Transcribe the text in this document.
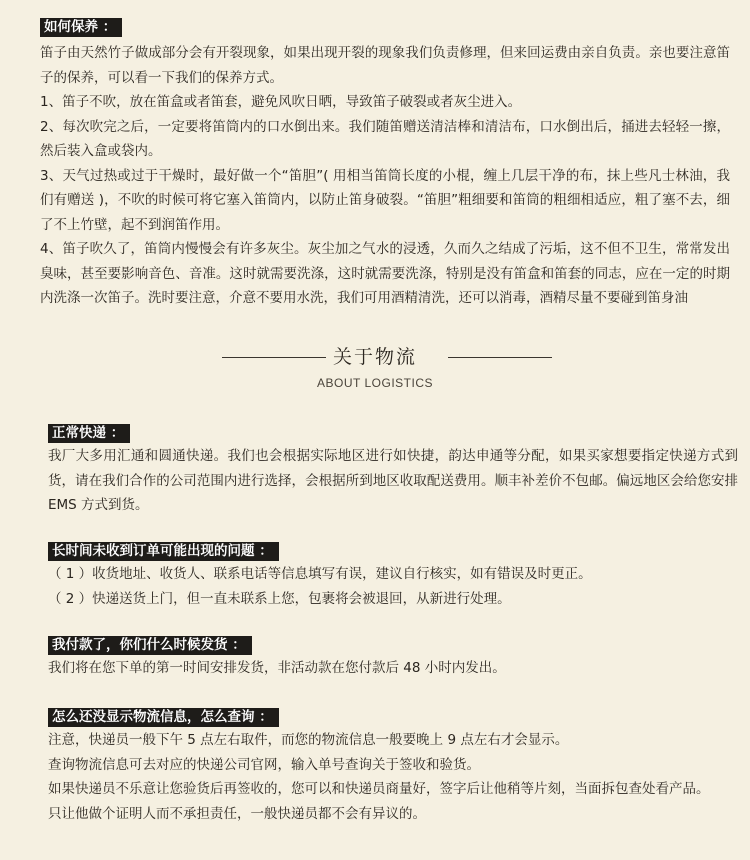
如何保养 ：

笛子由天然竹子做成部分会有开裂现象，如果出现开裂的现象我们负责修理，但来回运费由亲自负责。亲也要注意笛子的保养，可以看一下我们的保养方式。

1、笛子不吹，放在笛盒或者笛套，避免风吹日晒，导致笛子破裂或者灰尘进入。

2、每次吹完之后，一定要将笛筒内的口水倒出来。我们随笛赠送清洁棒和清洁布，口水倒出后，捅进去轻轻一擦，然后装入盒或袋内。

3、天气过热或过于干燥时，最好做一个“笛胆”( 用相当笛筒长度的小棍，缠上几层干净的布，抹上些凡士林油，我们有赠送 )，不吹的时候可将它塞入笛筒内，以防止笛身破裂。“笛胆”粗细要和笛筒的粗细相适应，粗了塞不去，细了不上竹壁，起不到润笛作用。

4、笛子吹久了，笛筒内慢慢会有许多灰尘。灰尘加之气水的浸透，久而久之结成了污垢，这不但不卫生，常常发出臭味，甚至要影响音色、音准。这时就需要洗涤，这时就需要洗涤，特别是没有笛盒和笛套的同志，应在一定的时期内洗涤一次笛子。洗时要注意，介意不要用水洗，我们可用酒精清洗，还可以消毒，酒精尽量不要碰到笛身油

关于物流
ABOUT LOGISTICS
正常快递 ：

我厂大多用汇通和圆通快递。我们也会根据实际地区进行如快捷，韵达申通等分配，如果买家想要指定快递方式到货，请在我们合作的公司范围内进行选择，会根据所到地区收取配送费用。顺丰补差价不包邮。偏远地区会给您安排 EMS 方式到货。

长时间未收到订单可能出现的问题 ：

（ 1 ）收货地址、收货人、联系电话等信息填写有误，建议自行核实，如有错误及时更正。

（ 2 ）快递送货上门，但一直未联系上您，包裹将会被退回，从新进行处理。

我付款了，你们什么时候发货 ：

我们将在您下单的第一时间安排发货，非活动款在您付款后 48 小时内发出。

怎么还没显示物流信息，怎么查询 ：

注意，快递员一般下午 5 点左右取件，而您的物流信息一般要晚上 9 点左右才会显示。

查询物流信息可去对应的快递公司官网，输入单号查询关于签收和验货。

如果快递员不乐意让您验货后再签收的，您可以和快递员商量好，签字后让他稍等片刻，当面拆包查处看产品。

只让他做个证明人而不承担责任，一般快递员都不会有异议的。
